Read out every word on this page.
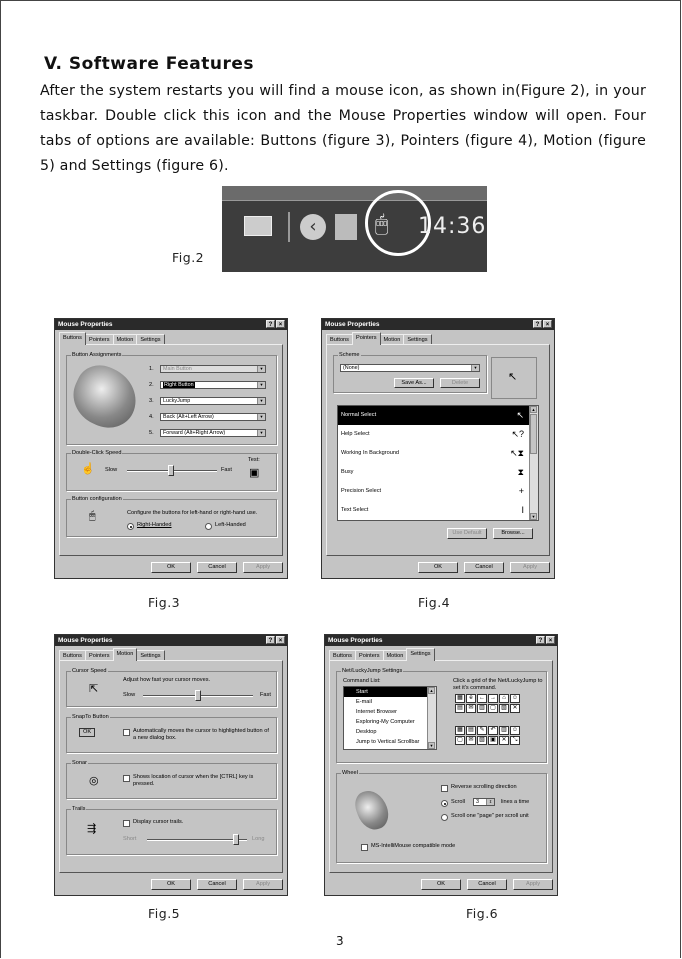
V. Software Features
After the system restarts you will find a mouse icon, as shown in(Figure 2), in your taskbar. Double click this icon and the Mouse Properties window will open. Four tabs of options are available: Buttons (figure 3), Pointers (figure 4), Motion (figure 5) and Settings (figure 6).
‹	🖱 14:36
Fig.2
Mouse Properties	?	×
Buttons	Pointers	Motion	Settings
Button Assignments
1.	Main Button	▼
2.	Right Button	▼
3.	LuckyJump	▼
4.	Back (Alt+Left Arrow)	▼
5.	Forward (Alt+Right Arrow)	▼
Double-Click Speed
☝ Slow	Fast
Test:
▣
Button configuration
🖱	Configure the buttons for left-hand or right-hand use.
Right-Handed	Left-Handed
OK	Cancel	Apply
Fig.3
Mouse Properties	?	×
Buttons	Pointers	Motion	Settings
Scheme
(None)	▼
Save As...	Delete	↖
Normal Select	↖
Help Select	↖?
Working In Background	↖⧗
Busy	⧗
Precision Select	+
Text Select	I
▲
▼
Use Default	Browse...
OK	Cancel	Apply
Fig.4
Mouse Properties	?	×
Buttons	Pointers	Motion	Settings
Cursor Speed
⇱
Adjust how fast your cursor moves.
Slow	Fast
SnapTo Button
OK	Automatically moves the cursor to highlighted button of a new dialog box.
Sonar
◎	Shows location of cursor when the [CTRL] key is pressed.
Trails
⇶
Display cursor trails.
Short	Long
OK	Cancel	Apply
Fig.5
Mouse Properties	?	×
Buttons	Pointers	Motion	Settings
Net/LuckyJump Settings
Command List:
Start
E-mail
Internet Browser
Exploring-My Computer
Desktop
Jump to Vertical Scrollbar
▲
▼
Click a grid of the Net/LuckyJump to set it's command.
▦	e	← →	⌂	☺
▤ ✉ ▥ ▢ ▧ ✕
▦ ▤ ✎ ↶ ▥ ☺
▢ ✉ ▧ ▣ ✕	⤡
Wheel
Reverse scrolling direction
Scroll	3	⇕	lines a time
Scroll one "page" per scroll unit
MS-IntelliMouse compatible mode
OK	Cancel	Apply
Fig.6
3
